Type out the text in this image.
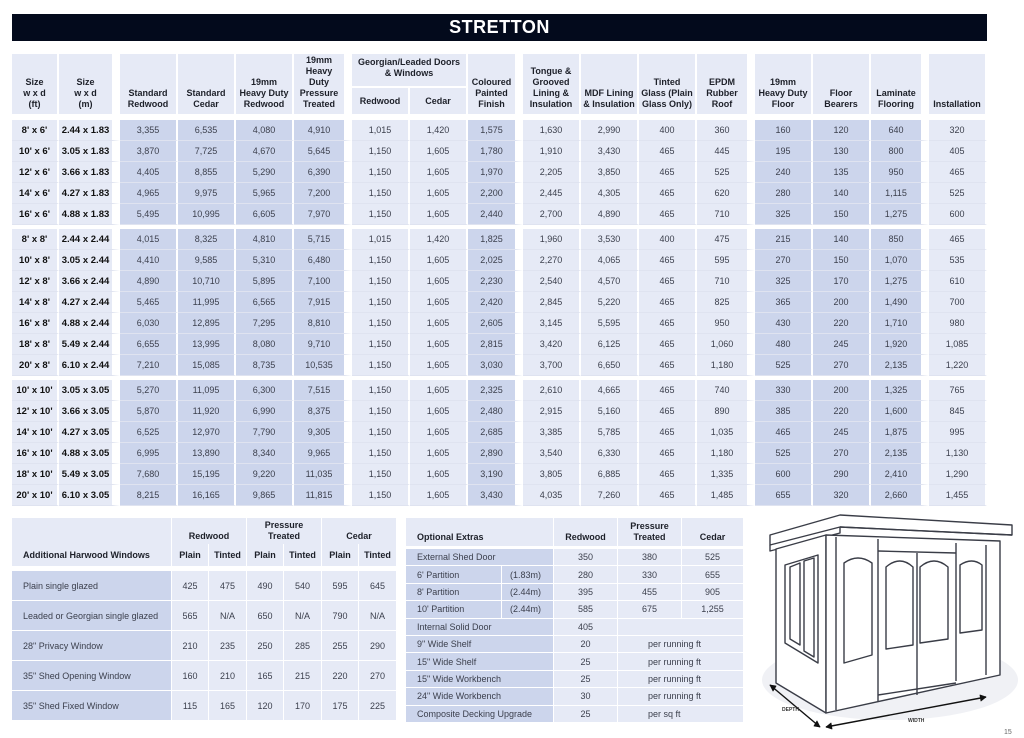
STRETTON
Size
w x d
(ft)	Size
w x d
(m)	Standard
Redwood	Standard
Cedar	19mm
Heavy Duty
Redwood	19mm
Heavy Duty
Pressure
Treated	Georgian/Leaded Doors
& Windows		Coloured
Painted
Finish	Tongue &
Grooved
Lining &
Insulation	MDF Lining
& Insulation	Tinted
Glass (Plain
Glass Only)	EPDM
Rubber
Roof	19mm
Heavy Duty
Floor	Floor
Bearers	Laminate
Flooring	Installation
						Redwood	Cedar									

8' x 6'	2.44 x 1.83	3,355	6,535	4,080	4,910	1,015	1,420	1,575	1,630	2,990	400	360	160	120	640	320
10' x 6'	3.05 x 1.83	3,870	7,725	4,670	5,645	1,150	1,605	1,780	1,910	3,430	465	445	195	130	800	405
12' x 6'	3.66 x 1.83	4,405	8,855	5,290	6,390	1,150	1,605	1,970	2,205	3,850	465	525	240	135	950	465
14' x 6'	4.27 x 1.83	4,965	9,975	5,965	7,200	1,150	1,605	2,200	2,445	4,305	465	620	280	140	1,115	525
16' x 6'	4.88 x 1.83	5,495	10,995	6,605	7,970	1,150	1,605	2,440	2,700	4,890	465	710	325	150	1,275	600

8' x 8'	2.44 x 2.44	4,015	8,325	4,810	5,715	1,015	1,420	1,825	1,960	3,530	400	475	215	140	850	465
10' x 8'	3.05 x 2.44	4,410	9,585	5,310	6,480	1,150	1,605	2,025	2,270	4,065	465	595	270	150	1,070	535
12' x 8'	3.66 x 2.44	4,890	10,710	5,895	7,100	1,150	1,605	2,230	2,540	4,570	465	710	325	170	1,275	610
14' x 8'	4.27 x 2.44	5,465	11,995	6,565	7,915	1,150	1,605	2,420	2,845	5,220	465	825	365	200	1,490	700
16' x 8'	4.88 x 2.44	6,030	12,895	7,295	8,810	1,150	1,605	2,605	3,145	5,595	465	950	430	220	1,710	980
18' x 8'	5.49 x 2.44	6,655	13,995	8,080	9,710	1,150	1,605	2,815	3,420	6,125	465	1,060	480	245	1,920	1,085
20' x 8'	6.10 x 2.44	7,210	15,085	8,735	10,535	1,150	1,605	3,030	3,700	6,650	465	1,180	525	270	2,135	1,220

10' x 10'	3.05 x 3.05	5,270	11,095	6,300	7,515	1,150	1,605	2,325	2,610	4,665	465	740	330	200	1,325	765
12' x 10'	3.66 x 3.05	5,870	11,920	6,990	8,375	1,150	1,605	2,480	2,915	5,160	465	890	385	220	1,600	845
14' x 10'	4.27 x 3.05	6,525	12,970	7,790	9,305	1,150	1,605	2,685	3,385	5,785	465	1,035	465	245	1,875	995
16' x 10'	4.88 x 3.05	6,995	13,890	8,340	9,965	1,150	1,605	2,890	3,540	6,330	465	1,180	525	270	2,135	1,130
18' x 10'	5.49 x 3.05	7,680	15,195	9,220	11,035	1,150	1,605	3,190	3,805	6,885	465	1,335	600	290	2,410	1,290
20' x 10'	6.10 x 3.05	8,215	16,165	9,865	11,815	1,150	1,605	3,430	4,035	7,260	465	1,485	655	320	2,660	1,455
Additional Harwood Windows	Redwood		Pressure
Treated		Cedar	
	Plain	Tinted	Plain	Tinted	Plain	Tinted

Plain single glazed	425	475	490	540	595	645
Leaded or Georgian single glazed	565	N/A	650	N/A	790	N/A
28" Privacy Window	210	235	250	285	255	290
35" Shed Opening Window	160	210	165	215	220	270
35" Shed Fixed Window	115	165	120	170	175	225
Optional Extras		Redwood	Pressure
Treated	Cedar

External Shed Door		350	380	525
6' Partition	(1.83m)	280	330	655
8' Partition	(2.44m)	395	455	905
10' Partition	(2.44m)	585	675	1,255
Internal Solid Door		405		
9" Wide Shelf		20	per running ft	
15" Wide Shelf		25	per running ft	
15" Wide Workbench		25	per running ft	
24" Wide Workbench		30	per running ft	
Composite Decking Upgrade		25	per sq ft		DEPTH
WIDTH
15
